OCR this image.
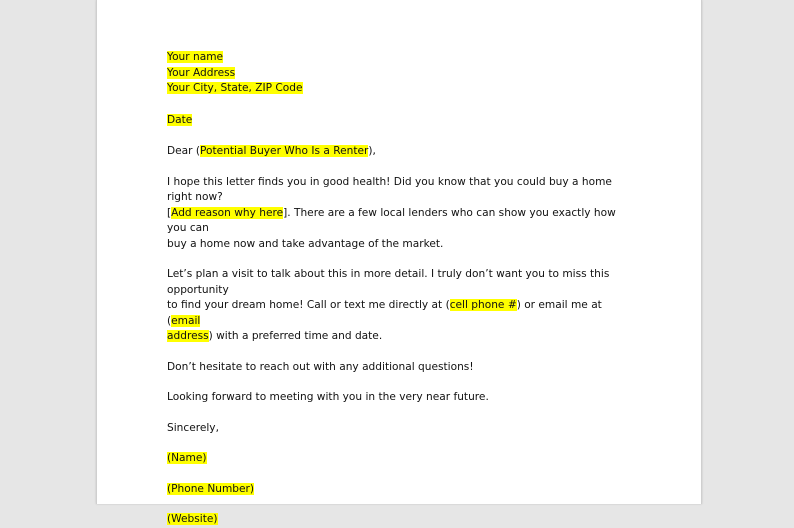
Your name
Your Address
Your City, State, ZIP Code
Date
Dear (Potential Buyer Who Is a Renter),
I hope this letter finds you in good health! Did you know that you could buy a home right now?
[Add reason why here]. There are a few local lenders who can show you exactly how you can
buy a home now and take advantage of the market.
Let’s plan a visit to talk about this in more detail. I truly don’t want you to miss this opportunity
to find your dream home! Call or text me directly at (cell phone #) or email me at (email
address) with a preferred time and date.
Don’t hesitate to reach out with any additional questions!
Looking forward to meeting with you in the very near future.
Sincerely,
(Name)
(Phone Number)
(Website)
